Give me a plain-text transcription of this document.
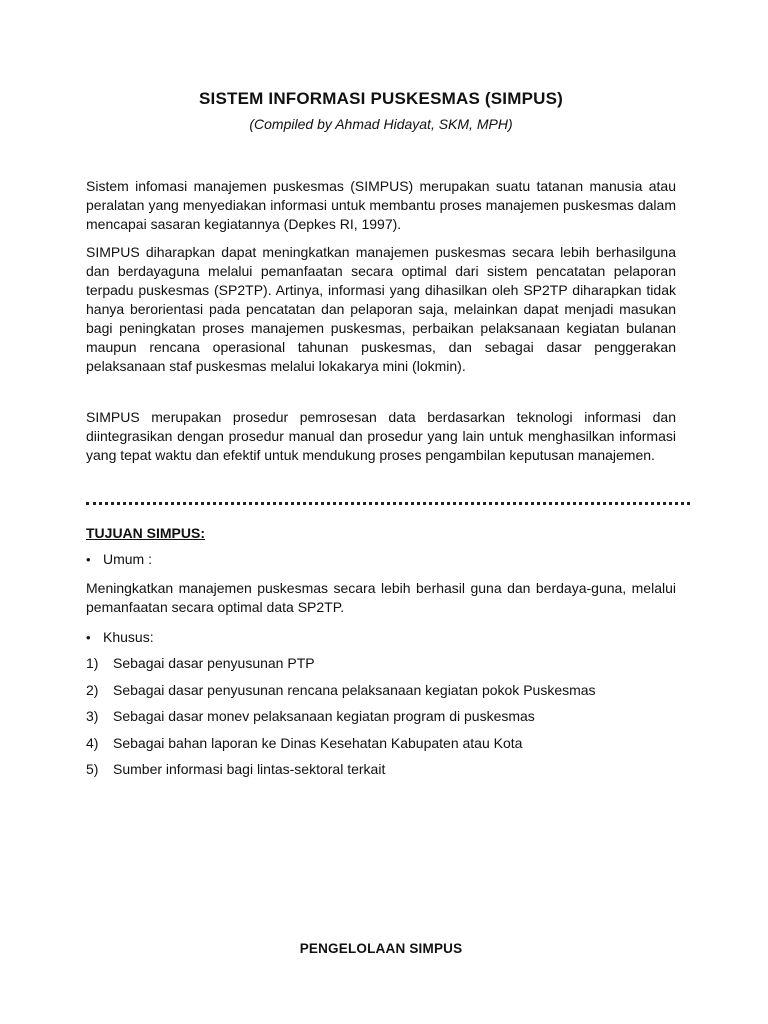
SISTEM INFORMASI PUSKESMAS (SIMPUS)

(Compiled by Ahmad Hidayat, SKM, MPH)

Sistem infomasi manajemen puskesmas (SIMPUS) merupakan suatu tatanan manusia atau peralatan yang menyediakan informasi untuk membantu proses manajemen puskesmas dalam mencapai sasaran kegiatannya (Depkes RI, 1997).

SIMPUS diharapkan dapat meningkatkan manajemen puskesmas secara lebih berhasilguna dan berdayaguna melalui pemanfaatan secara optimal dari sistem pencatatan pelaporan terpadu puskesmas (SP2TP). Artinya, informasi yang dihasilkan oleh SP2TP diharapkan tidak hanya berorientasi pada pencatatan dan pelaporan saja, melainkan dapat menjadi masukan bagi peningkatan proses manajemen puskesmas, perbaikan pelaksanaan kegiatan bulanan maupun rencana operasional tahunan puskesmas, dan sebagai dasar penggerakan pelaksanaan staf puskesmas melalui lokakarya mini (lokmin).

SIMPUS merupakan prosedur pemrosesan data berdasarkan teknologi informasi dan diintegrasikan dengan prosedur manual dan prosedur yang lain untuk menghasilkan informasi yang tepat waktu dan efektif untuk mendukung proses pengambilan keputusan manajemen.

TUJUAN SIMPUS:

• Umum :

Meningkatkan manajemen puskesmas secara lebih berhasil guna dan berdaya-guna, melalui pemanfaatan secara optimal data SP2TP.

• Khusus:

1) Sebagai dasar penyusunan PTP
2) Sebagai dasar penyusunan rencana pelaksanaan kegiatan pokok Puskesmas
3) Sebagai dasar monev pelaksanaan kegiatan program di puskesmas
4) Sebagai bahan laporan ke Dinas Kesehatan Kabupaten atau Kota
5) Sumber informasi bagi lintas-sektoral terkait
PENGELOLAAN SIMPUS
